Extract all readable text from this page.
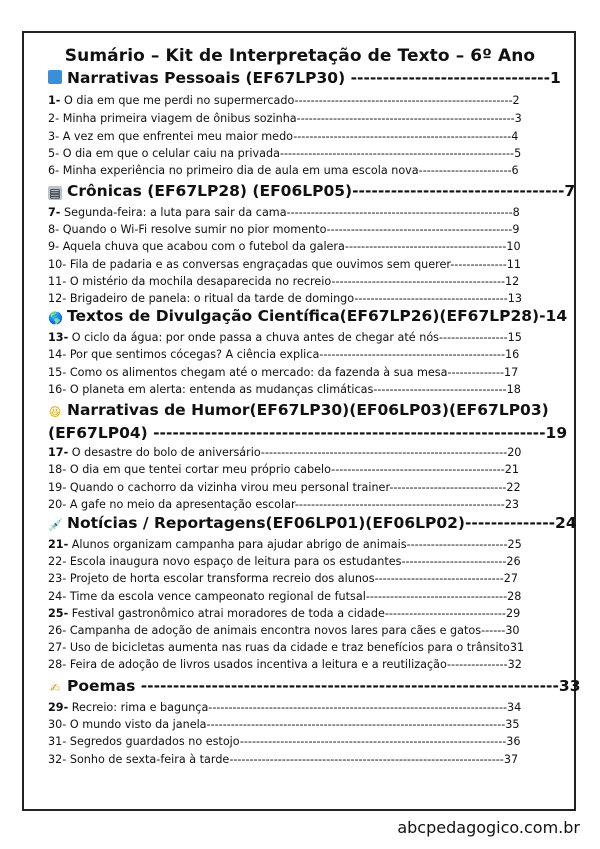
Sumário – Kit de Interpretação de Texto – 6º Ano
Narrativas Pessoais (EF67LP30) -------------------------------1
1- O dia em que me perdi no supermercado------------------------------------------------------2
2- Minha primeira viagem de ônibus sozinha------------------------------------------------------3
3- A vez em que enfrentei meu maior medo------------------------------------------------------4
5- O dia em que o celular caiu na privada----------------------------------------------------------5
6- Minha experiência no primeiro dia de aula em uma escola nova-----------------------6
▤ Crônicas (EF67LP28) (EF06LP05)---------------------------------7
7- Segunda-feira: a luta para sair da cama--------------------------------------------------------8
8- Quando o Wi-Fi resolve sumir no pior momento----------------------------------------------9
9- Aquela chuva que acabou com o futebol da galera----------------------------------------10
10- Fila de padaria e as conversas engraçadas que ouvimos sem querer--------------11
11- O mistério da mochila desaparecida no recreio-------------------------------------------12
12- Brigadeiro de panela: o ritual da tarde de domingo--------------------------------------13
🌎 Textos de Divulgação Científica(EF67LP26)(EF67LP28)-14
13- O ciclo da água: por onde passa a chuva antes de chegar até nós-----------------15
14- Por que sentimos cócegas? A ciência explica----------------------------------------------16
15- Como os alimentos chegam até o mercado: da fazenda à sua mesa--------------17
16- O planeta em alerta: entenda as mudanças climáticas---------------------------------18
😆 Narrativas de Humor(EF67LP30)(EF06LP03)(EF67LP03)
(EF67LP04) -------------------------------------------------------------19
17- O desastre do bolo de aniversário-------------------------------------------------------------20
18- O dia em que tentei cortar meu próprio cabelo-------------------------------------------21
19- Quando o cachorro da vizinha virou meu personal trainer-----------------------------22
20- A gafe no meio da apresentação escolar----------------------------------------------------23
💉 Notícias / Reportagens(EF06LP01)(EF06LP02)--------------24
21- Alunos organizam campanha para ajudar abrigo de animais-------------------------25
22- Escola inaugura novo espaço de leitura para os estudantes--------------------------26
23- Projeto de horta escolar transforma recreio dos alunos--------------------------------27
24- Time da escola vence campeonato regional de futsal-----------------------------------28
25- Festival gastronômico atrai moradores de toda a cidade------------------------------29
26- Campanha de adoção de animais encontra novos lares para cães e gatos------30
27- Uso de bicicletas aumenta nas ruas da cidade e traz benefícios para o trânsito31
28- Feira de adoção de livros usados incentiva a leitura e a reutilização---------------32
✍ Poemas -----------------------------------------------------------------33
29- Recreio: rima e bagunça--------------------------------------------------------------------------34
30- O mundo visto da janela--------------------------------------------------------------------------35
31- Segredos guardados no estojo------------------------------------------------------------------36
32- Sonho de sexta-feira à tarde--------------------------------------------------------------------37
abcpedagogico.com.br
